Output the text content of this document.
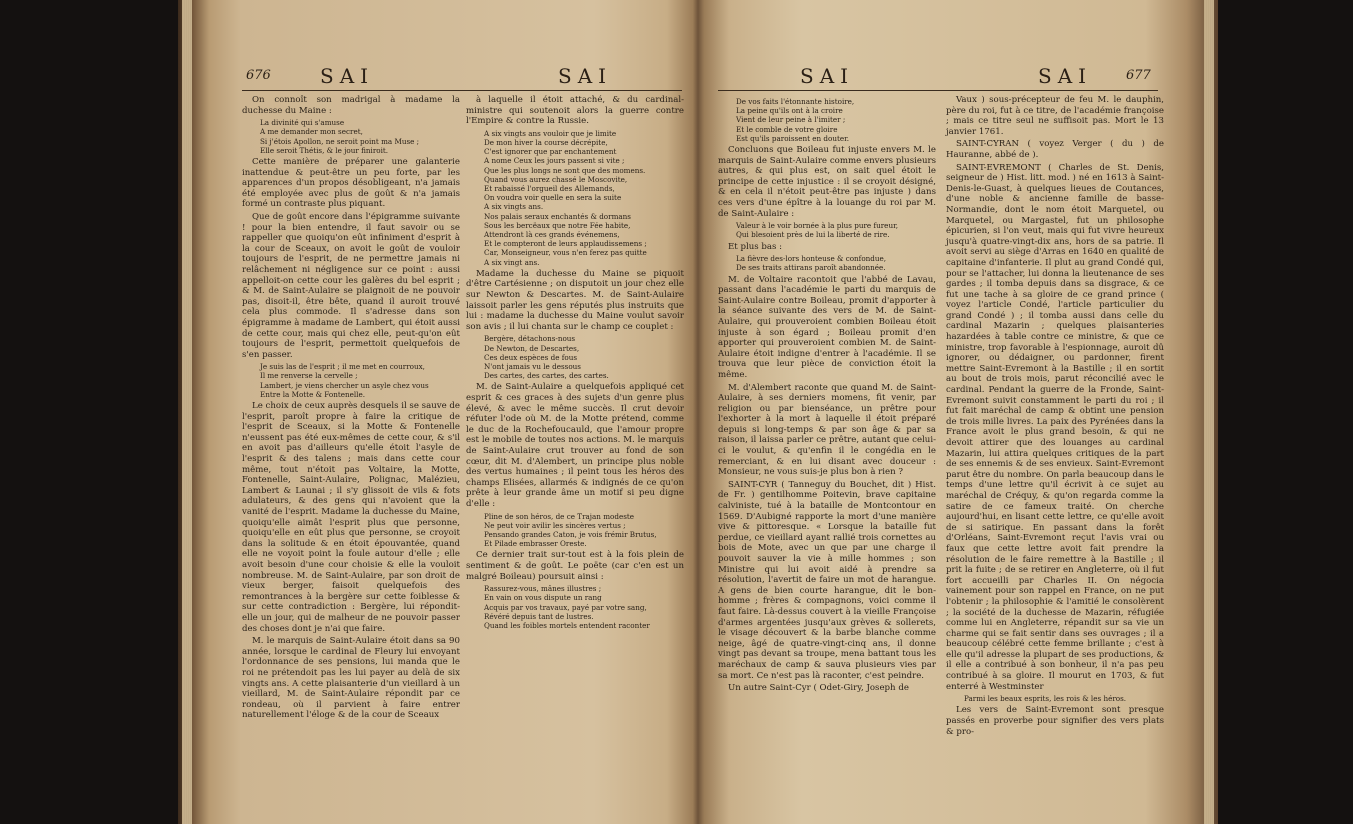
676 SAI	SAI

On connoît son madrigal à madame la duchesse du Maine :

La divinité qui s'amuse
A me demander mon secret,
Si j'étois Apollon, ne seroit point ma Muse ;
Elle seroit Thétis, & le jour finiroit.

Cette manière de préparer une galanterie inattendue & peut-être un peu forte, par les apparences d'un propos désobligeant, n'a jamais été employée avec plus de goût & n'a jamais formé un contraste plus piquant.

Que de goût encore dans l'épigramme suivante ! pour la bien entendre, il faut savoir ou se rappeller que quoiqu'on eût infiniment d'esprit à la cour de Sceaux, on avoit le goût de vouloir toujours de l'esprit, de ne permettre jamais ni relâchement ni négligence sur ce point : aussi appelloit-on cette cour les galères du bel esprit ; & M. de Saint-Aulaire se plaignoit de ne pouvoir pas, disoit-il, être bête, quand il auroit trouvé cela plus commode. Il s'adresse dans son épigramme à madame de Lambert, qui étoit aussi de cette cour, mais qui chez elle, peut-qu'on eût toujours de l'esprit, permettoit quelquefois de s'en passer.

Je suis las de l'esprit ; il me met en courroux,
Il me renverse la cervelle ;
Lambert, je viens chercher un asyle chez vous
Entre la Motte & Fontenelle.

Le choix de ceux auprès desquels il se sauve de l'esprit, paroît propre à faire la critique de l'esprit de Sceaux, si la Motte & Fontenelle n'eussent pas été eux-mêmes de cette cour, & s'il en avoit pas d'ailleurs qu'elle étoit l'asyle de l'esprit & des talens ; mais dans cette cour même, tout n'étoit pas Voltaire, la Motte, Fontenelle, Saint-Aulaire, Polignac, Malézieu, Lambert & Launai ; il s'y glissoit de vils & fots adulateurs, & des gens qui n'avoient que la vanité de l'esprit. Madame la duchesse du Maine, quoiqu'elle aimât l'esprit plus que personne, quoiqu'elle en eût plus que personne, se croyoit dans la solitude & en étoit épouvantée, quand elle ne voyoit point la foule autour d'elle ; elle avoit besoin d'une cour choisie & elle la vouloit nombreuse. M. de Saint-Aulaire, par son droit de vieux berger, faisoit quelquefois des remontrances à la bergère sur cette foiblesse & sur cette contradiction : Bergère, lui répondit-elle un jour, qui de malheur de ne pouvoir passer des choses dont je n'ai que faire.

M. le marquis de Saint-Aulaire étoit dans sa 90 année, lorsque le cardinal de Fleury lui envoyant l'ordonnance de ses pensions, lui manda que le roi ne prétendoit pas les lui payer au delà de six vingts ans. A cette plaisanterie d'un vieillard à un vieillard, M. de Saint-Aulaire répondit par ce rondeau, où il parvient à faire entrer naturellement l'éloge & de la cour de Sceaux

à laquelle il étoit attaché, & du cardinal-ministre qui soutenoit alors la guerre contre l'Empire & contre la Russie.

A six vingts ans vouloir que je limite
De mon hiver la course décrépite,
C'est ignorer que par enchantement
A nome Ceux les jours passent si vite ;
Que les plus longs ne sont que des momens.
Quand vous aurez chassé le Moscovite,
Et rabaissé l'orgueil des Allemands,
On voudra voir quelle en sera la suite
A six vingts ans.
Nos palais seraux enchantés & dormans
Sous les bercëaux que notre Fée habite,
Attendront là ces grands événemens,
Et le compteront de leurs applaudissemens ;
Car, Monseigneur, vous n'en ferez pas quitte
A six vingt ans.

Madame la duchesse du Maine se piquoit d'être Cartésienne ; on disputoit un jour chez elle sur Newton & Descartes. M. de Saint-Aulaire laissoit parler les gens réputés plus instruits que lui : madame la duchesse du Maine voulut savoir son avis ; il lui chanta sur le champ ce couplet :

Bergère, détachons-nous
De Newton, de Descartes,
Ces deux espèces de fous
N'ont jamais vu le dessous
Des cartes, des cartes, des cartes.

M. de Saint-Aulaire a quelquefois appliqué cet esprit & ces graces à des sujets d'un genre plus élevé, & avec le même succès. Il crut devoir réfuter l'ode où M. de la Motte prétend, comme le duc de la Rochefoucauld, que l'amour propre est le mobile de toutes nos actions. M. le marquis de Saint-Aulaire crut trouver au fond de son cœur, dit M. d'Alembert, un principe plus noble des vertus humaines ; il peint tous les héros des champs Elisées, allarmés & indignés de ce qu'on prête à leur grande âme un motif si peu digne d'elle :

Pline de son héros, de ce Trajan modeste
Ne peut voir avilir les sincères vertus ;
Pensando grandes Caton, je vois frémir Brutus,
Et Pilade embrasser Oreste.

Ce dernier trait sur-tout est à la fois plein de sentiment & de goût. Le poëte (car c'en est un malgré Boileau) poursuit ainsi :

Rassurez-vous, mânes illustres ;
En vain on vous dispute un rang
Acquis par vos travaux, payé par votre sang,
Révéré depuis tant de lustres.
Quand les foibles mortels entendent raconter
SAI	SAI	677
De vos faits l'étonnante histoire,
La peine qu'ils ont à la croire
Vient de leur peine à l'imiter ;
Et le comble de votre gloire
Est qu'ils paroissent en douter.

Concluons que Boileau fut injuste envers M. le marquis de Saint-Aulaire comme envers plusieurs autres, & qui plus est, on sait quel étoit le principe de cette injustice : il se croyoit désigné, & en cela il n'étoit peut-être pas injuste ) dans ces vers d'une épître à la louange du roi par M. de Saint-Aulaire :

Valeur à le voir bornée à la plus pure fureur,
Qui blesoient près de lui la liberté de rire.

Et plus bas :

La fièvre des-lors honteuse & confondue,
De ses traits attirans paroît abandonnée.

M. de Voltaire racontoit que l'abbé de Lavau, passant dans l'académie le parti du marquis de Saint-Aulaire contre Boileau, promit d'apporter à la séance suivante des vers de M. de Saint-Aulaire, qui prouveroient combien Boileau étoit injuste à son égard ; Boileau promit d'en apporter qui prouveroient combien M. de Saint-Aulaire étoit indigne d'entrer à l'académie. Il se trouva que leur pièce de conviction étoit la même.

M. d'Alembert raconte que quand M. de Saint-Aulaire, à ses derniers momens, fit venir, par religion ou par bienséance, un prêtre pour l'exhorter à la mort à laquelle il étoit préparé depuis si long-temps & par son âge & par sa raison, il laissa parler ce prêtre, autant que celui-ci le voulut, & qu'enfin il le congédia en le remerciant, & en lui disant avec douceur : Monsieur, ne vous suis-je plus bon à rien ?

SAINT-CYR ( Tanneguy du Bouchet, dit ) Hist. de Fr. ) gentilhomme Poitevin, brave capitaine calviniste, tué à la bataille de Montcontour en 1569. D'Aubigné rapporte la mort d'une manière vive & pittoresque. « Lorsque la bataille fut perdue, ce vieillard ayant rallié trois cornettes au bois de Mote, avec un que par une charge il pouvoit sauver la vie à mille hommes ; son Ministre qui lui avoit aidé à prendre sa résolution, l'avertit de faire un mot de harangue. A gens de bien courte harangue, dit le bon-homme ; frères & compagnons, voici comme il faut faire. Là-dessus couvert à la vieille Françoise d'armes argentées jusqu'aux grèves & sollerets, le visage découvert & la barbe blanche comme neige, âgé de quatre-vingt-cinq ans, il donne vingt pas devant sa troupe, mena battant tous les maréchaux de camp & sauva plusieurs vies par sa mort. Ce n'est pas là raconter, c'est peindre.

Un autre Saint-Cyr ( Odet-Giry, Joseph de

Vaux ) sous-précepteur de feu M. le dauphin, père du roi, fut à ce titre, de l'académie françoise ; mais ce titre seul ne suffisoit pas. Mort le 13 janvier 1761.

SAINT-CYRAN ( voyez Verger ( du ) de Hauranne, abbé de ).

SAINT-EVREMONT ( Charles de St. Denis, seigneur de ) Hist. litt. mod. ) né en 1613 à Saint-Denis-le-Guast, à quelques lieues de Coutances, d'une noble & ancienne famille de basse-Normandie, dont le nom étoit Marquetel, ou Marquetel, ou Margastel, fut un philosophe épicurien, si l'on veut, mais qui fut vivre heureux jusqu'à quatre-vingt-dix ans, hors de sa patrie. Il avoit servi au siège d'Arras en 1640 en qualité de capitaine d'infanterie. Il plut au grand Condé qui, pour se l'attacher, lui donna la lieutenance de ses gardes ; il tomba depuis dans sa disgrace, & ce fut une tache à sa gloire de ce grand prince ( voyez l'article Condé, l'article particulier du grand Condé ) ; il tomba aussi dans celle du cardinal Mazarin ; quelques plaisanteries hazardées à table contre ce ministre, & que ce ministre, trop favorable à l'espionnage, auroit dû ignorer, ou dédaigner, ou pardonner, firent mettre Saint-Evremont à la Bastille ; il en sortit au bout de trois mois, parut réconcilié avec le cardinal. Pendant la guerre de la Fronde, Saint-Evremont suivit constamment le parti du roi ; il fut fait maréchal de camp & obtint une pension de trois mille livres. La paix des Pyrénées dans la France avoit le plus grand besoin, & qui ne devoit attirer que des louanges au cardinal Mazarin, lui attira quelques critiques de la part de ses ennemis & de ses envieux. Saint-Evremont parut être du nombre. On parla beaucoup dans le temps d'une lettre qu'il écrivit à ce sujet au maréchal de Créquy, & qu'on regarda comme la satire de ce fameux traité. On cherche aujourd'hui, en lisant cette lettre, ce qu'elle avoit de si satirique. En passant dans la forêt d'Orléans, Saint-Evremont reçut l'avis vrai ou faux que cette lettre avoit fait prendre la résolution de le faire remettre à la Bastille ; il prit la fuite ; de se retirer en Angleterre, où il fut fort accueilli par Charles II. On négocia vainement pour son rappel en France, on ne put l'obtenir ; la philosophie & l'amitié le consolèrent ; la société de la duchesse de Mazarin, réfugiée comme lui en Angleterre, répandit sur sa vie un charme qui se fait sentir dans ses ouvrages ; il a beaucoup célébré cette femme brillante ; c'est à elle qu'il adresse la plupart de ses productions, & il elle a contribué à son bonheur, il n'a pas peu contribué à sa gloire. Il mourut en 1703, & fut enterré à Westminster

Parmi les beaux esprits, les rois & les héros.

Les vers de Saint-Evremont sont presque passés en proverbe pour signifier des vers plats & pro-
